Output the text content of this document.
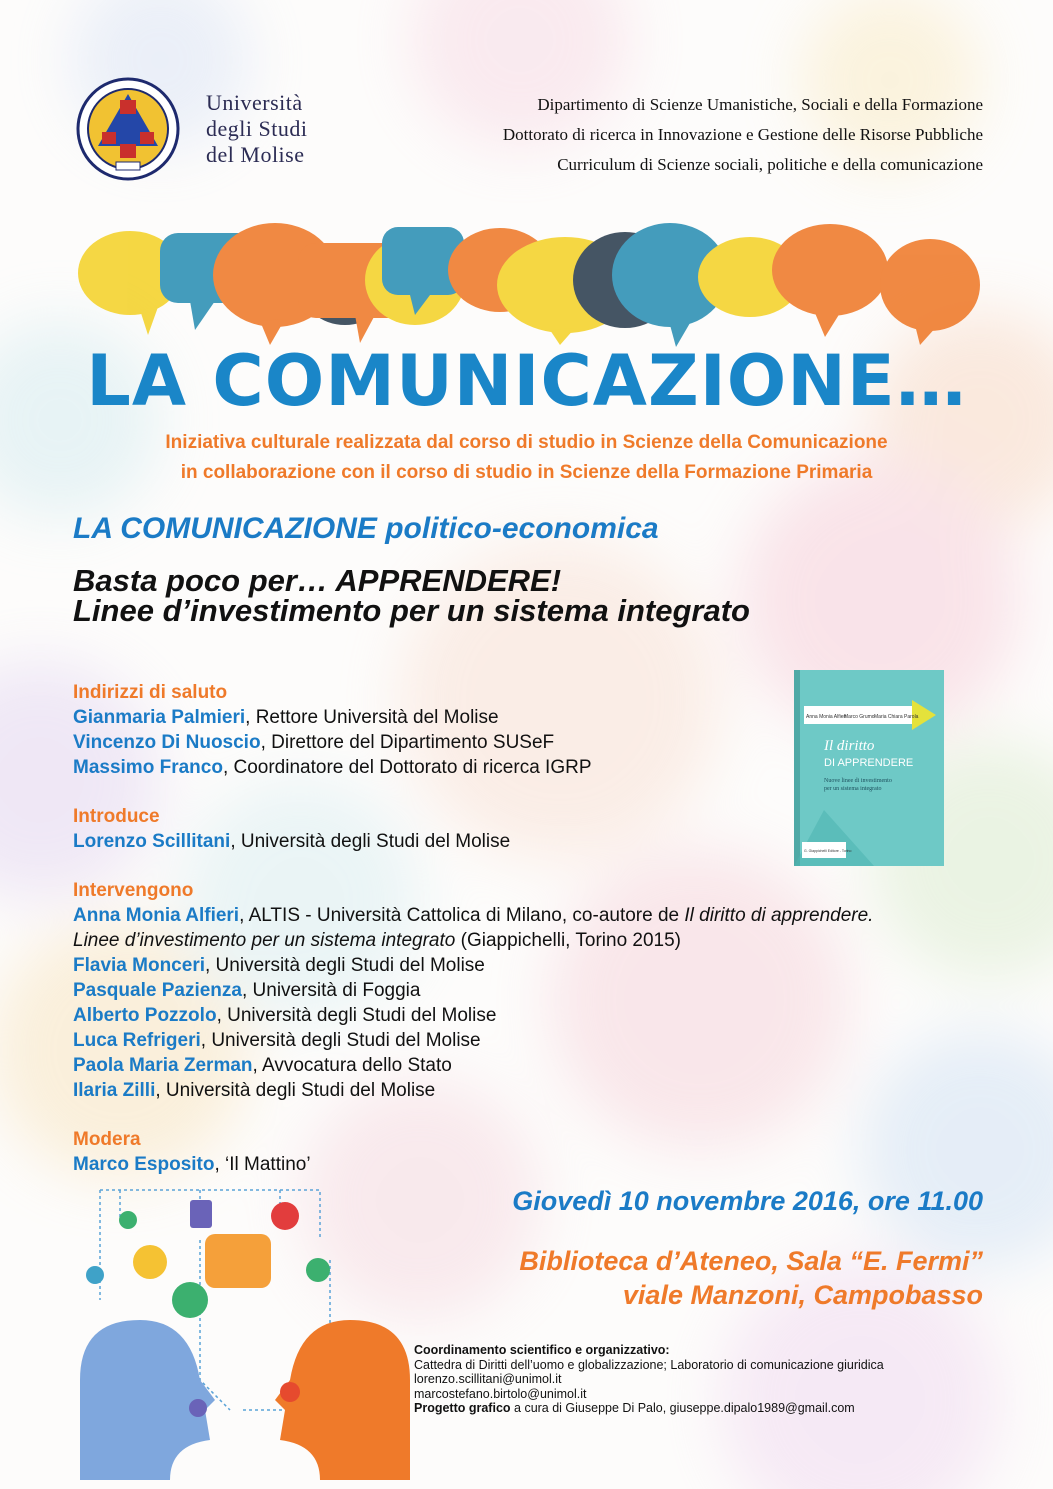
Università
degli Studi
del Molise
Dipartimento di Scienze Umanistiche, Sociali e della Formazione
Dottorato di ricerca in Innovazione e Gestione delle Risorse Pubbliche
Curriculum di Scienze sociali, politiche e della comunicazione
LA COMUNICAZIONE…
Iniziativa culturale realizzata dal corso di studio in Scienze della Comunicazione
in collaborazione con il corso di studio in Scienze della Formazione Primaria
LA COMUNICAZIONE politico-economica
Basta poco per… APPRENDERE!
Linee d’investimento per un sistema integrato
Indirizzi di saluto
Gianmaria Palmieri, Rettore Università del Molise
Vincenzo Di Nuoscio, Direttore del Dipartimento SUSeF
Massimo Franco, Coordinatore del Dottorato di ricerca IGRP
Introduce
Lorenzo Scillitani, Università degli Studi del Molise
Intervengono
Anna Monia Alfieri, ALTIS - Università Cattolica di Milano, co-autore de Il diritto di apprendere.
Linee d’investimento per un sistema integrato (Giappichelli, Torino 2015)
Flavia Monceri, Università degli Studi del Molise
Pasquale Pazienza, Università di Foggia
Alberto Pozzolo, Università degli Studi del Molise
Luca Refrigeri, Università degli Studi del Molise
Paola Maria Zerman, Avvocatura dello Stato
Ilaria Zilli, Università degli Studi del Molise
Modera
Marco Esposito, ‘Il Mattino’
Anna Monia Alfieri
Marco Grumo Maria Chiara Parola
Il diritto
DI APPRENDERE
Nuove linee di investimento
per un sistema integrato
G. Giappichelli Editore - Torino
Giovedì 10 novembre 2016, ore 11.00
Biblioteca d’Ateneo, Sala “E. Fermi”
viale Manzoni, Campobasso
Coordinamento scientifico e organizzativo:
Cattedra di Diritti dell’uomo e globalizzazione; Laboratorio di comunicazione giuridica
lorenzo.scillitani@unimol.it
marcostefano.birtolo@unimol.it
Progetto grafico a cura di Giuseppe Di Palo, giuseppe.dipalo1989@gmail.com
